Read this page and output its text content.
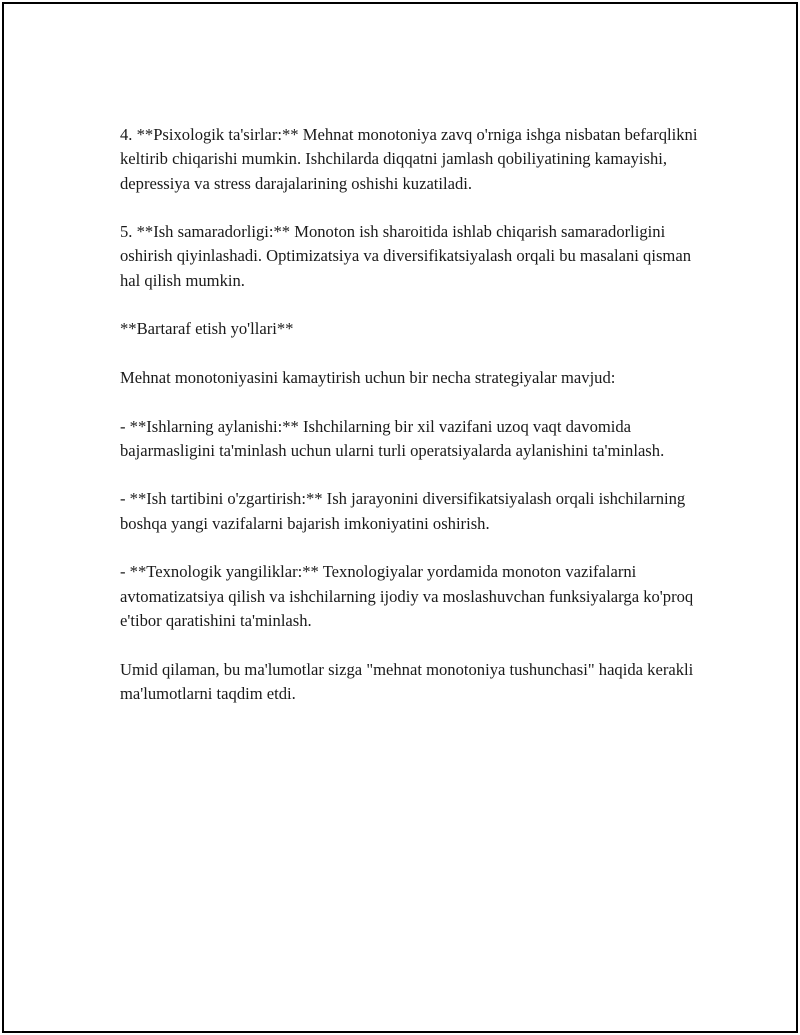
4. **Psixologik ta'sirlar:** Mehnat monotoniya zavq o'rniga ishga nisbatan befarqlikni keltirib chiqarishi mumkin. Ishchilarda diqqatni jamlash qobiliyatining kamayishi, depressiya va stress darajalarining oshishi kuzatiladi.

5. **Ish samaradorligi:** Monoton ish sharoitida ishlab chiqarish samaradorligini oshirish qiyinlashadi. Optimizatsiya va diversifikatsiyalash orqali bu masalani qisman hal qilish mumkin.

**Bartaraf etish yo'llari**

Mehnat monotoniyasini kamaytirish uchun bir necha strategiyalar mavjud:

- **Ishlarning aylanishi:** Ishchilarning bir xil vazifani uzoq vaqt davomida bajarmasligini ta'minlash uchun ularni turli operatsiyalarda aylanishini ta'minlash.

- **Ish tartibini o'zgartirish:** Ish jarayonini diversifikatsiyalash orqali ishchilarning boshqa yangi vazifalarni bajarish imkoniyatini oshirish.

- **Texnologik yangiliklar:** Texnologiyalar yordamida monoton vazifalarni avtomatizatsiya qilish va ishchilarning ijodiy va moslashuvchan funksiyalarga ko'proq e'tibor qaratishini ta'minlash.

Umid qilaman, bu ma'lumotlar sizga "mehnat monotoniya tushunchasi" haqida kerakli ma'lumotlarni taqdim etdi.
